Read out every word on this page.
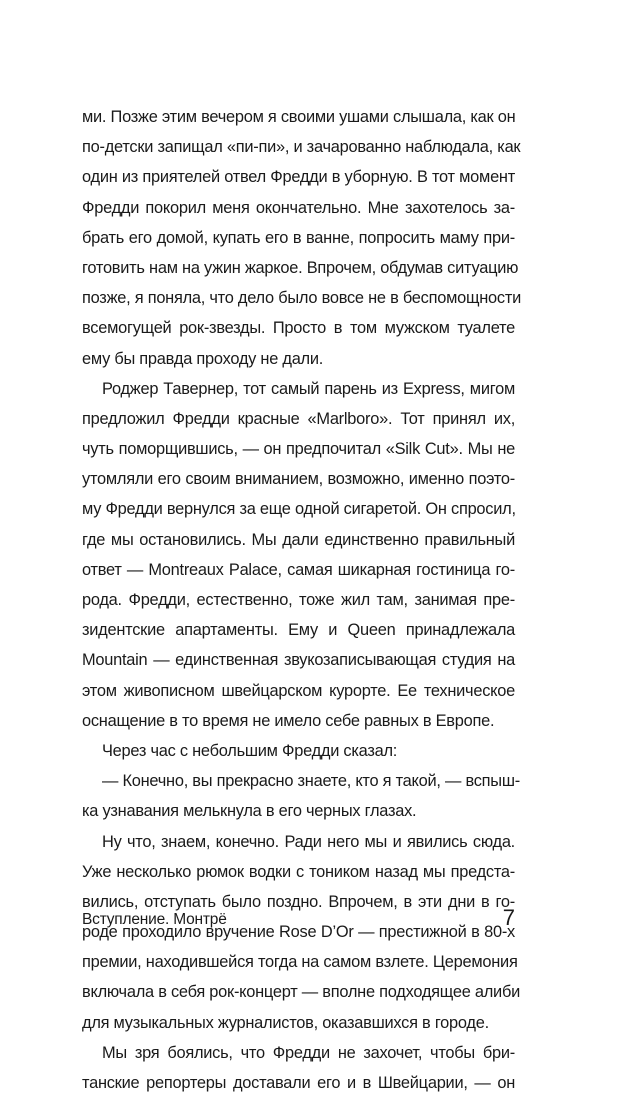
ми. Позже этим вечером я своими ушами слышала, как он
по-детски запищал «пи-пи», и зачарованно наблюдала, как
один из приятелей отвел Фредди в уборную. В тот момент
Фредди покорил меня окончательно. Мне захотелось за-
брать его домой, купать его в ванне, попросить маму при-
готовить нам на ужин жаркое. Впрочем, обдумав ситуацию
позже, я поняла, что дело было вовсе не в беспомощности
всемогущей рок-звезды. Просто в том мужском туалете
ему бы правда проходу не дали.
Роджер Тавернер, тот самый парень из Express, мигом
предложил Фредди красные «Marlboro». Тот принял их,
чуть поморщившись, — он предпочитал «Silk Cut». Мы не
утомляли его своим вниманием, возможно, именно поэто-
му Фредди вернулся за еще одной сигаретой. Он спросил,
где мы остановились. Мы дали единственно правильный
ответ — Montreaux Palace, самая шикарная гостиница го-
рода. Фредди, естественно, тоже жил там, занимая пре-
зидентские апартаменты. Ему и Queen принадлежала
Mountain — единственная звукозаписывающая студия на
этом живописном швейцарском курорте. Ее техническое
оснащение в то время не имело себе равных в Европе.
Через час с небольшим Фредди сказал:
— Конечно, вы прекрасно знаете, кто я такой, — вспыш-
ка узнавания мелькнула в его черных глазах.
Ну что, знаем, конечно. Ради него мы и явились сюда.
Уже несколько рюмок водки с тоником назад мы предста-
вились, отступать было поздно. Впрочем, в эти дни в го-
роде проходило вручение Rose D’Or — престижной в 80-х
премии, находившейся тогда на самом взлете. Церемония
включала в себя рок-концерт — вполне подходящее алиби
для музыкальных журналистов, оказавшихся в городе.
Мы зря боялись, что Фредди не захочет, чтобы бри-
танские репортеры доставали его и в Швейцарии, — он
Вступление. Монтрё	7
